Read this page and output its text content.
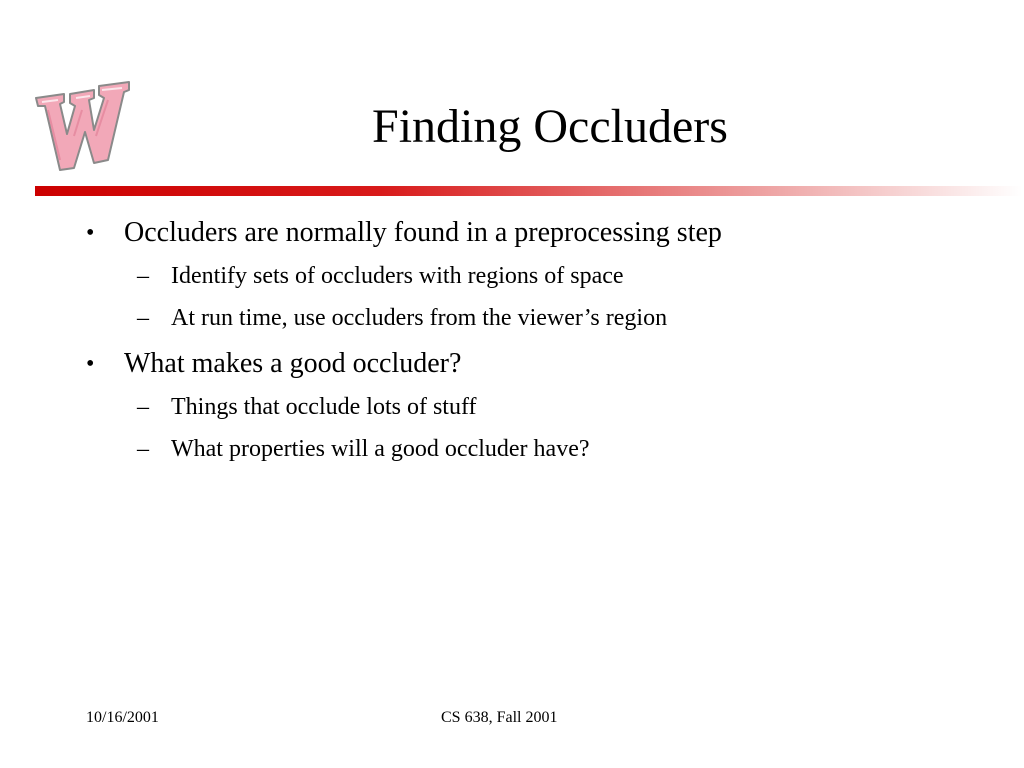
Finding Occluders
• Occluders are normally found in a preprocessing step
– Identify sets of occluders with regions of space
– At run time, use occluders from the viewer’s region
• What makes a good occluder?
– Things that occlude lots of stuff
– What properties will a good occluder have?
10/16/2001	CS 638, Fall 2001
